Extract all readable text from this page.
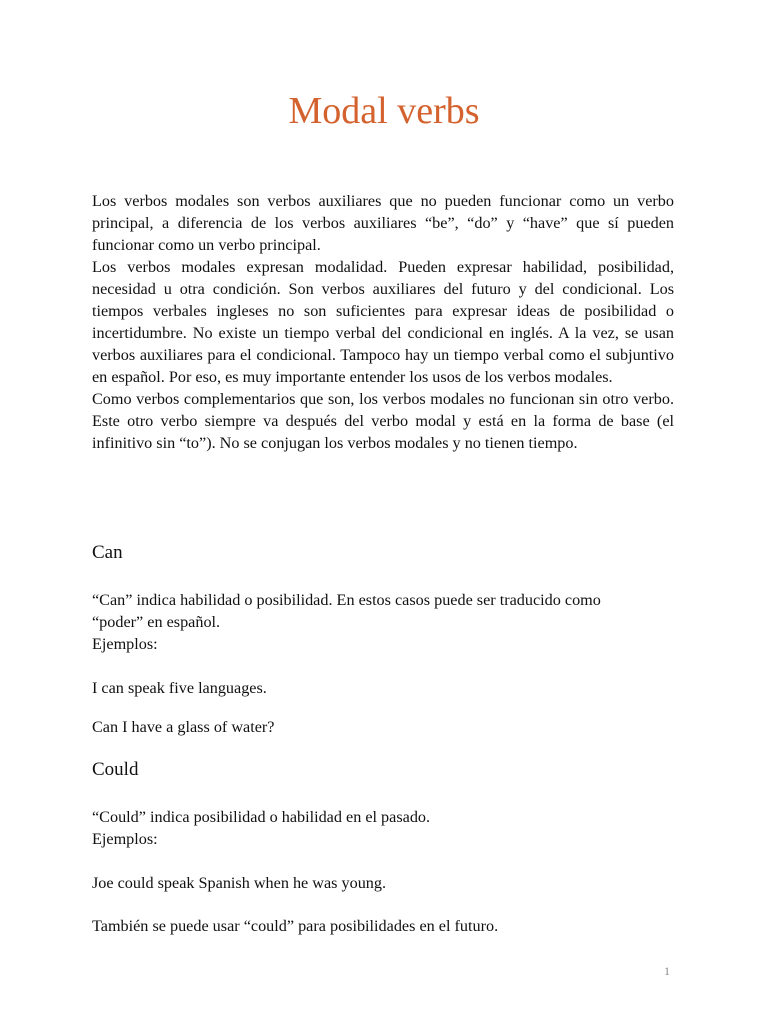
Modal verbs

Los verbos modales son verbos auxiliares que no pueden funcionar como un verbo principal, a diferencia de los verbos auxiliares “be”, “do” y “have” que sí pueden funcionar como un verbo principal.

Los verbos modales expresan modalidad. Pueden expresar habilidad, posibilidad, necesidad u otra condición. Son verbos auxiliares del futuro y del condicional. Los tiempos verbales ingleses no son suficientes para expresar ideas de posibilidad o incertidumbre. No existe un tiempo verbal del condicional en inglés. A la vez, se usan verbos auxiliares para el condicional. Tampoco hay un tiempo verbal como el subjuntivo en español. Por eso, es muy importante entender los usos de los verbos modales.

Como verbos complementarios que son, los verbos modales no funcionan sin otro verbo. Este otro verbo siempre va después del verbo modal y está en la forma de base (el infinitivo sin “to”). No se conjugan los verbos modales y no tienen tiempo.

Can

“Can” indica habilidad o posibilidad. En estos casos puede ser traducido como

“poder” en español.

Ejemplos:

I can speak five languages.

Can I have a glass of water?

Could

“Could” indica posibilidad o habilidad en el pasado.

Ejemplos:

Joe could speak Spanish when he was young.

También se puede usar “could” para posibilidades en el futuro.

1
